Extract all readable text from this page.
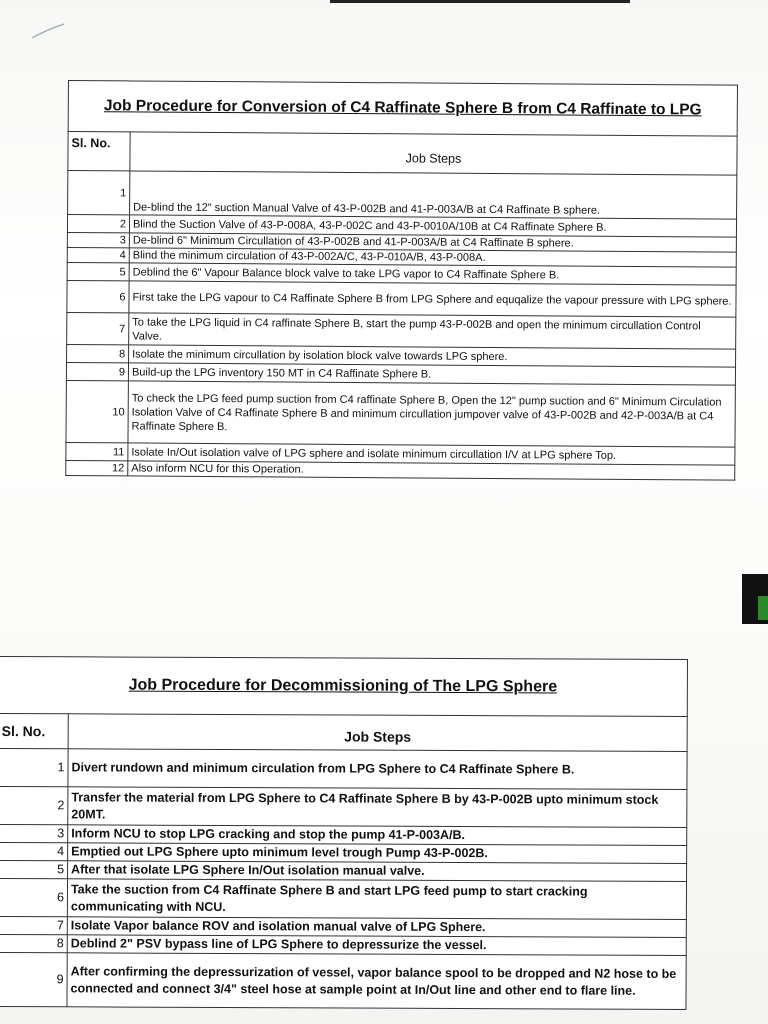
Job Procedure for Conversion of C4 Raffinate Sphere B from C4 Raffinate to LPG	
Sl. No.	Job Steps
1	De-blind the 12" suction Manual Valve of 43-P-002B and 41-P-003A/B at C4 Raffinate B sphere.
2	Blind the Suction Valve of 43-P-008A, 43-P-002C and 43-P-0010A/10B at C4 Raffinate Sphere B.
3	De-blind 6" Minimum Circullation of 43-P-002B and 41-P-003A/B at C4 Raffinate B sphere.
4	Blind the minimum circulation of 43-P-002A/C, 43-P-010A/B, 43-P-008A.
5	Deblind the 6" Vapour Balance block valve to take LPG vapor to C4 Raffinate Sphere B.
6	First take the LPG vapour to C4 Raffinate Sphere B from LPG Sphere and equqalize the vapour pressure with LPG sphere.
7	To take the LPG liquid in C4 raffinate Sphere B, start the pump 43-P-002B and open the minimum circullation Control Valve.
8	Isolate the minimum circullation by isolation block valve towards LPG sphere.
9	Build-up the LPG inventory 150 MT in C4 Raffinate Sphere B.
10	To check the LPG feed pump suction from C4 raffinate Sphere B, Open the 12" pump suction and 6" Minimum Circulation Isolation Valve of C4 Raffinate Sphere B and minimum circullation jumpover valve of 43-P-002B and 42-P-003A/B at C4 Raffinate Sphere B.
11	Isolate In/Out isolation valve of LPG sphere and isolate minimum circullation I/V at LPG sphere Top.
12	Also inform NCU for this Operation.
Job Procedure for Decommissioning of The LPG Sphere	
Sl. No.	Job Steps
1	Divert rundown and minimum circulation from LPG Sphere to C4 Raffinate Sphere B.
2	Transfer the material from LPG Sphere to C4 Raffinate Sphere B by 43-P-002B upto minimum stock 20MT.
3	Inform NCU to stop LPG cracking and stop the pump 41-P-003A/B.
4	Emptied out LPG Sphere upto minimum level trough Pump 43-P-002B.
5	After that isolate LPG Sphere In/Out isolation manual valve.
6	Take the suction from C4 Raffinate Sphere B and start LPG feed pump to start cracking communicating with NCU.
7	Isolate Vapor balance ROV and isolation manual valve of LPG Sphere.
8	Deblind 2" PSV bypass line of LPG Sphere to depressurize the vessel.
9	After confirming the depressurization of vessel, vapor balance spool to be dropped and N2 hose to be connected and connect 3/4" steel hose at sample point at In/Out line and other end to flare line.
